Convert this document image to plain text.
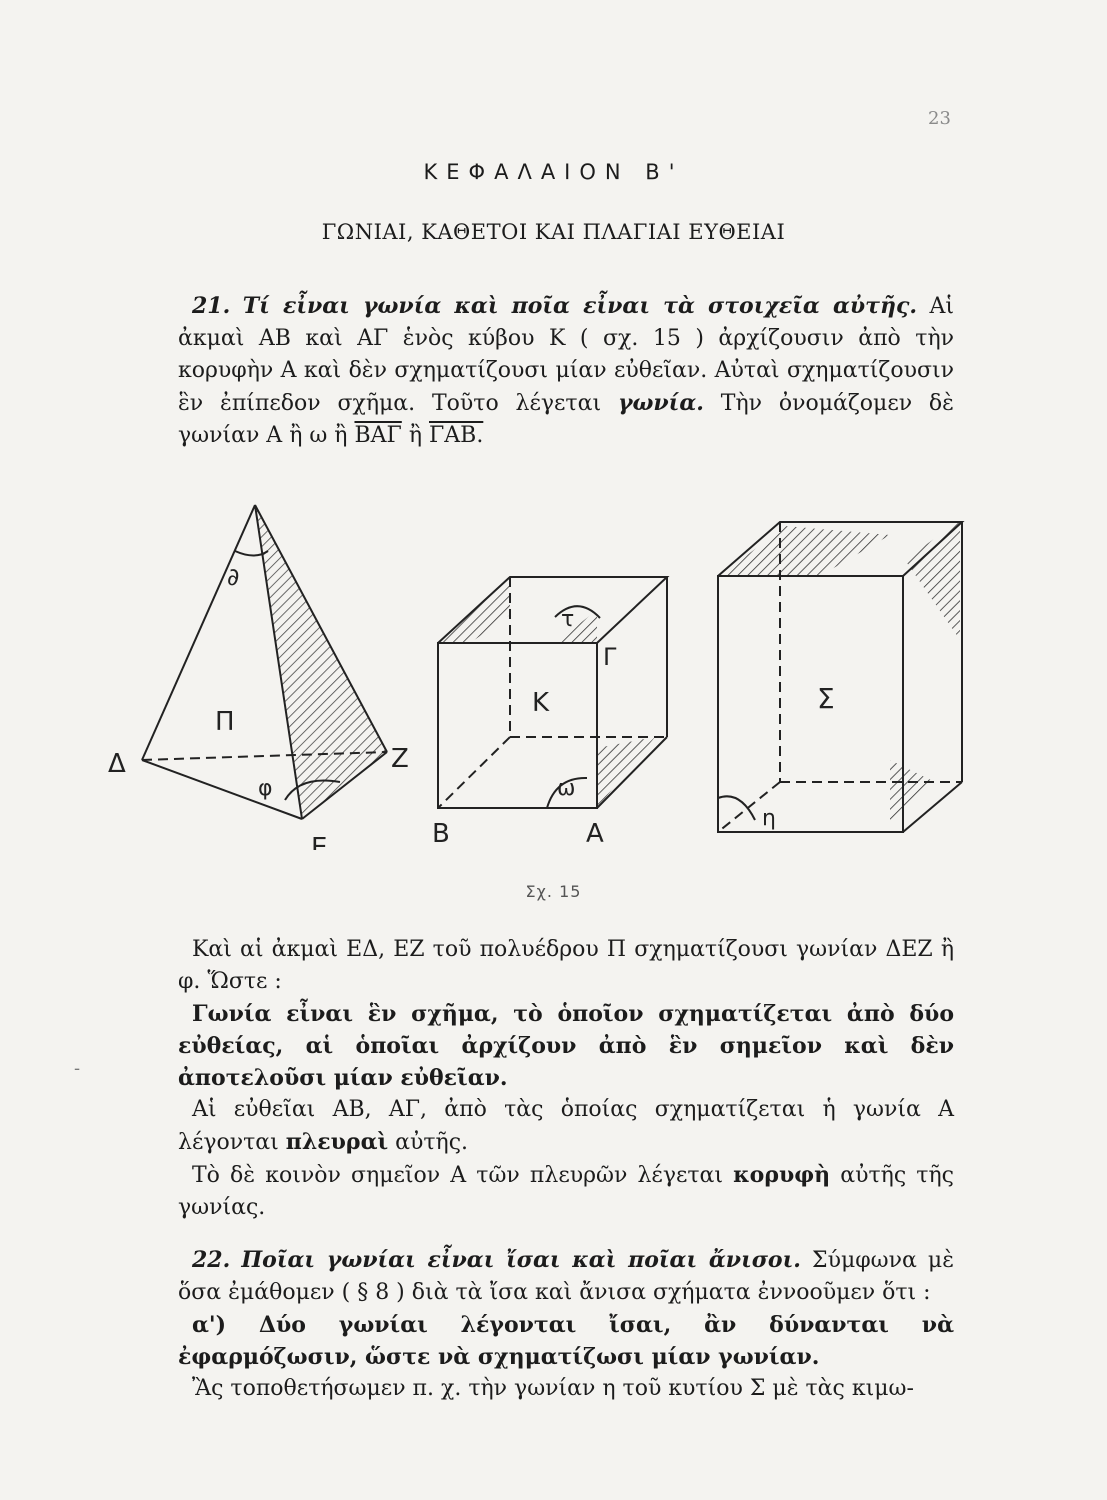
23
ΚΕΦΑΛΑΙΟΝ Β'
ΓΩΝΙΑΙ, ΚΑΘΕΤΟΙ ΚΑΙ ΠΛΑΓΙΑΙ ΕΥΘΕΙΑΙ

21. Τί εἶναι γωνία καὶ ποῖα εἶναι τὰ στοιχεῖα αὐτῆς. Αἱ ἀκμαὶ ΑΒ καὶ ΑΓ ἑνὸς κύβου Κ ( σχ. 15 ) ἀρχίζουσιν ἀπὸ τὴν κορυφὴν Α καὶ δὲν σχηματίζουσι μίαν εὐθεῖαν. Αὐταὶ σχηματίζουσιν ἓν ἐπίπεδον σχῆμα. Τοῦτο λέγεται γωνία. Τὴν ὀνομάζομεν δὲ γωνίαν Α ἢ ω ἢ $\overline{BA\Gamma}$ ἢ ΓΑΒ.

∂
Π
Δ	Ζ
Ε
φ
τ
Γ
Κ
ω
Β	Α
Σ
η
Σχ. 15

Καὶ αἱ ἀκμαὶ ΕΔ, ΕΖ τοῦ πολυέδρου Π σχηματίζουσι γωνίαν ΔΕΖ ἢ φ. Ὥστε :

Γωνία εἶναι ἓν σχῆμα, τὸ ὁποῖον σχηματίζεται ἀπὸ δύο εὐθείας, αἱ ὁποῖαι ἀρχίζουν ἀπὸ ἓν σημεῖον καὶ δὲν ἀποτελοῦσι μίαν εὐθεῖαν.

Αἱ εὐθεῖαι ΑΒ, ΑΓ, ἀπὸ τὰς ὁποίας σχηματίζεται ἡ γωνία Α λέγονται πλευραὶ αὐτῆς.

Τὸ δὲ κοινὸν σημεῖον Α τῶν πλευρῶν λέγεται κορυφὴ αὐτῆς τῆς γωνίας.

22. Ποῖαι γωνίαι εἶναι ἴσαι καὶ ποῖαι ἄνισοι. Σύμφωνα μὲ ὅσα ἐμάθομεν ( § 8 ) διὰ τὰ ἴσα καὶ ἄνισα σχήματα ἐννοοῦμεν ὅτι :

α') Δύο γωνίαι λέγονται ἴσαι, ἂν δύνανται νὰ ἐφαρμόζωσιν, ὥστε νὰ σχηματίζωσι μίαν γωνίαν.

Ἂς τοποθετήσωμεν π. χ. τὴν γωνίαν η τοῦ κυτίου Σ μὲ τὰς κιμω-

-
